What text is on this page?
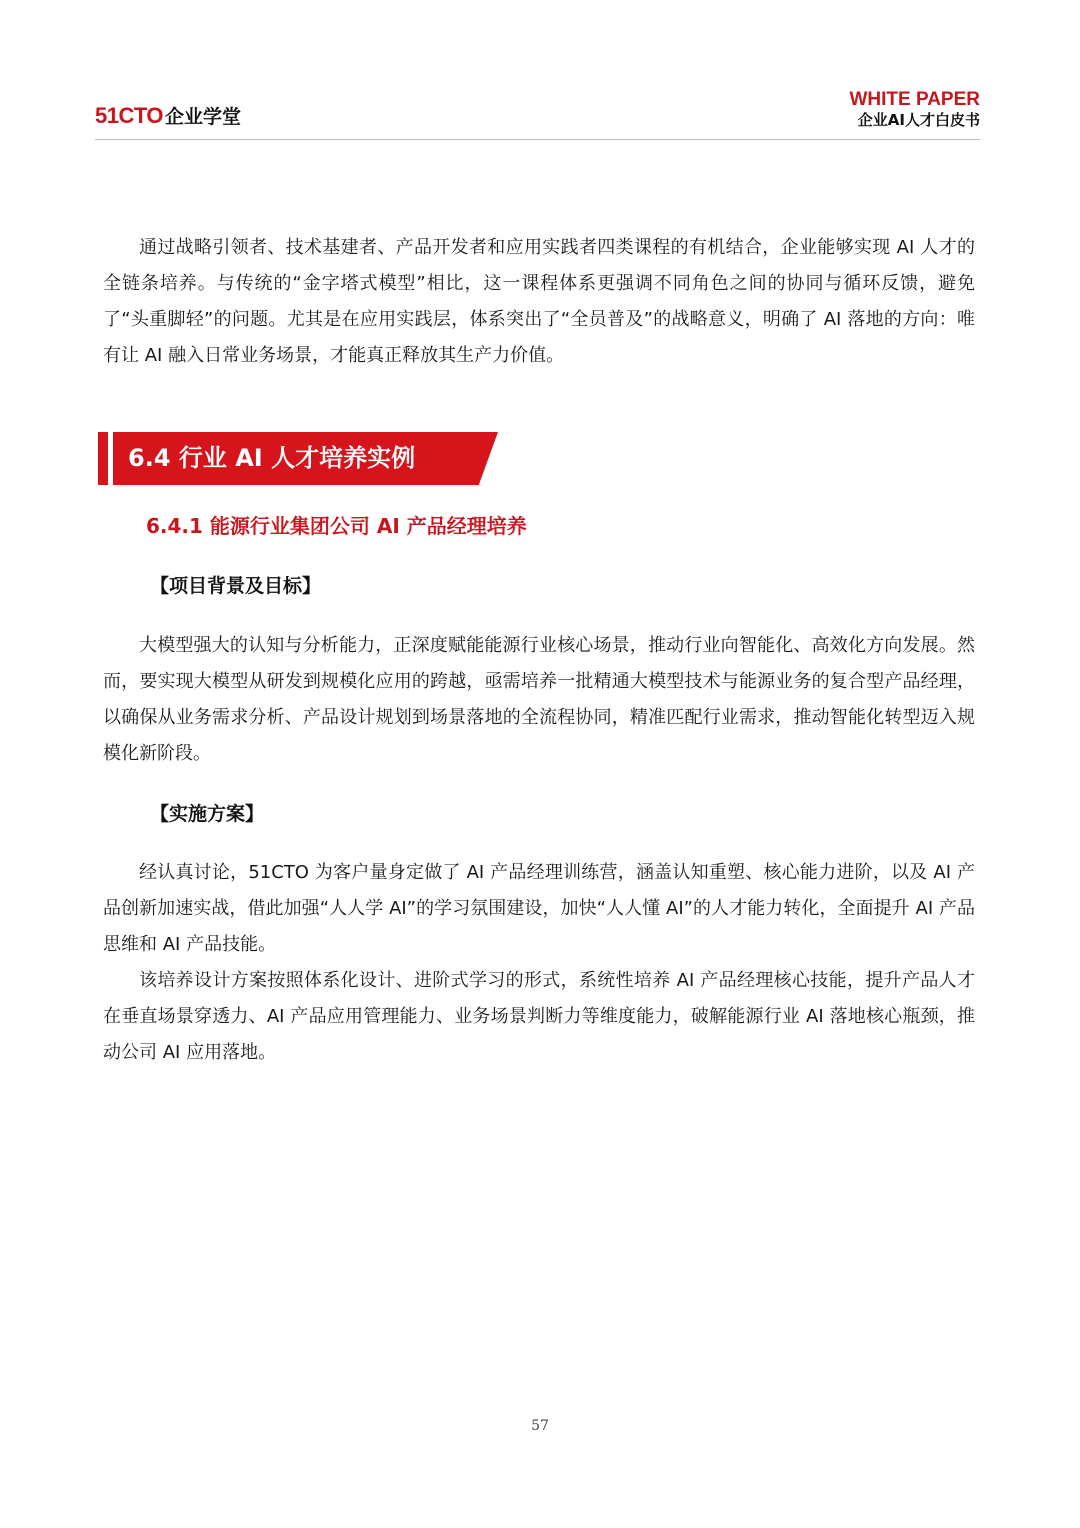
51CTO 企业学堂
WHITE PAPER
企业AI人才白皮书

通过战略引领者、技术基建者、产品开发者和应用实践者四类课程的有机结合，企业能够实现 AI 人才的全链条培养。与传统的“金字塔式模型”相比，这一课程体系更强调不同角色之间的协同与循环反馈，避免了“头重脚轻”的问题。尤其是在应用实践层，体系突出了“全员普及”的战略意义，明确了 AI 落地的方向：唯有让 AI 融入日常业务场景，才能真正释放其生产力价值。

6.4 行业 AI 人才培养实例
6.4.1 能源行业集团公司 AI 产品经理培养
【项目背景及目标】

大模型强大的认知与分析能力，正深度赋能能源行业核心场景，推动行业向智能化、高效化方向发展。然而，要实现大模型从研发到规模化应用的跨越，亟需培养一批精通大模型技术与能源业务的复合型产品经理，以确保从业务需求分析、产品设计规划到场景落地的全流程协同，精准匹配行业需求，推动智能化转型迈入规模化新阶段。

【实施方案】

经认真讨论，51CTO 为客户量身定做了 AI 产品经理训练营，涵盖认知重塑、核心能力进阶，以及 AI 产品创新加速实战，借此加强“人人学 AI”的学习氛围建设，加快“人人懂 AI”的人才能力转化，全面提升 AI 产品思维和 AI 产品技能。

该培养设计方案按照体系化设计、进阶式学习的形式，系统性培养 AI 产品经理核心技能，提升产品人才在垂直场景穿透力、AI 产品应用管理能力、业务场景判断力等维度能力，破解能源行业 AI 落地核心瓶颈，推动公司 AI 应用落地。

57
